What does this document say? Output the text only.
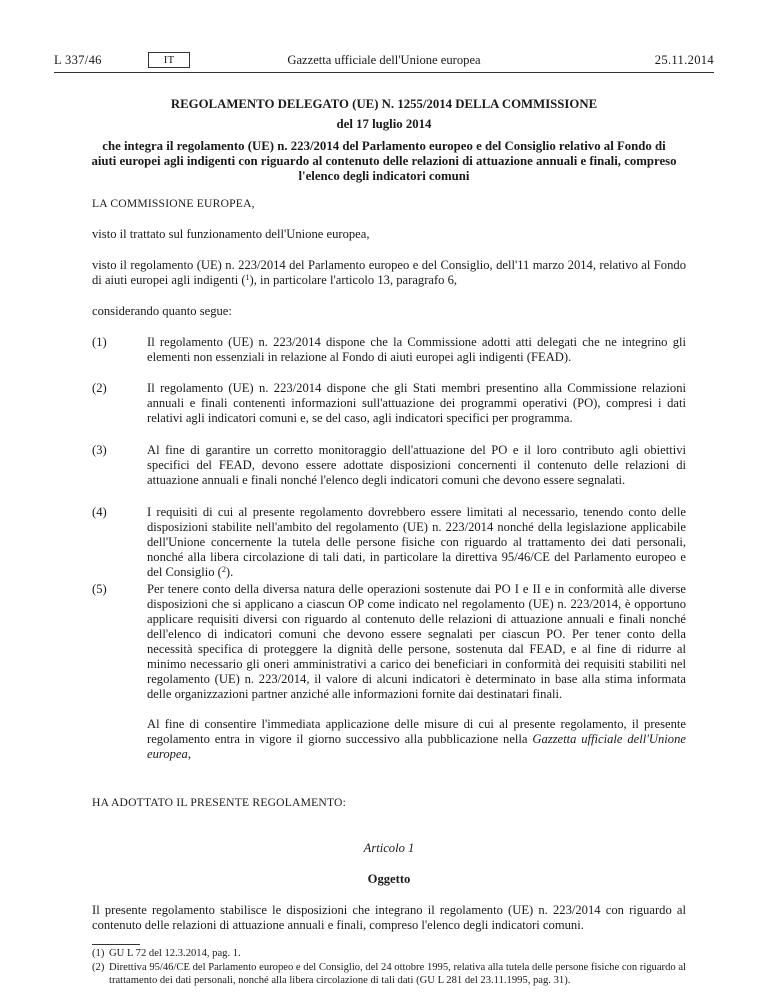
L 337/46	IT	Gazzetta ufficiale dell'Unione europea	25.11.2014
REGOLAMENTO DELEGATO (UE) N. 1255/2014 DELLA COMMISSIONE
del 17 luglio 2014
che integra il regolamento (UE) n. 223/2014 del Parlamento europeo e del Consiglio relativo al Fondo di aiuti europei agli indigenti con riguardo al contenuto delle relazioni di attuazione annuali e finali, compreso l'elenco degli indicatori comuni
LA COMMISSIONE EUROPEA,
visto il trattato sul funzionamento dell'Unione europea,
visto il regolamento (UE) n. 223/2014 del Parlamento europeo e del Consiglio, dell'11 marzo 2014, relativo al Fondo di aiuti europei agli indigenti ($^1$), in particolare l'articolo 13, paragrafo 6,
considerando quanto segue:
(1)	Il regolamento (UE) n. 223/2014 dispone che la Commissione adotti atti delegati che ne integrino gli elementi non essenziali in relazione al Fondo di aiuti europei agli indigenti (FEAD).
(2)	Il regolamento (UE) n. 223/2014 dispone che gli Stati membri presentino alla Commissione relazioni annuali e finali contenenti informazioni sull'attuazione dei programmi operativi (PO), compresi i dati relativi agli indicatori comuni e, se del caso, agli indicatori specifici per programma.
(3)	Al fine di garantire un corretto monitoraggio dell'attuazione del PO e il loro contributo agli obiettivi specifici del FEAD, devono essere adottate disposizioni concernenti il contenuto delle relazioni di attuazione annuali e finali nonché l'elenco degli indicatori comuni che devono essere segnalati.
(4)	I requisiti di cui al presente regolamento dovrebbero essere limitati al necessario, tenendo conto delle disposizioni stabilite nell'ambito del regolamento (UE) n. 223/2014 nonché della legislazione applicabile dell'Unione concernente la tutela delle persone fisiche con riguardo al trattamento dei dati personali, nonché alla libera circolazione di tali dati, in particolare la direttiva 95/46/CE del Parlamento europeo e del Consiglio ($^2$).
(5)	Per tenere conto della diversa natura delle operazioni sostenute dai PO I e II e in conformità alle diverse disposizioni che si applicano a ciascun OP come indicato nel regolamento (UE) n. 223/2014, è opportuno applicare requisiti diversi con riguardo al contenuto delle relazioni di attuazione annuali e finali nonché dell'elenco di indicatori comuni che devono essere segnalati per ciascun PO. Per tener conto della necessità specifica di proteggere la dignità delle persone, sostenuta dal FEAD, e al fine di ridurre al minimo necessario gli oneri amministrativi a carico dei beneficiari in conformità dei requisiti stabiliti nel regolamento (UE) n. 223/2014, il valore di alcuni indicatori è determinato in base alla stima informata delle organizzazioni partner anziché alle informazioni fornite dai destinatari finali.
Al fine di consentire l'immediata applicazione delle misure di cui al presente regolamento, il presente regolamento entra in vigore il giorno successivo alla pubblicazione nella Gazzetta ufficiale dell'Unione europea,
HA ADOTTATO IL PRESENTE REGOLAMENTO:
Articolo 1
Oggetto
Il presente regolamento stabilisce le disposizioni che integrano il regolamento (UE) n. 223/2014 con riguardo al contenuto delle relazioni di attuazione annuali e finali, compreso l'elenco degli indicatori comuni.
(1) GU L 72 del 12.3.2014, pag. 1.
(2) Direttiva 95/46/CE del Parlamento europeo e del Consiglio, del 24 ottobre 1995, relativa alla tutela delle persone fisiche con riguardo al trattamento dei dati personali, nonché alla libera circolazione di tali dati (GU L 281 del 23.11.1995, pag. 31).
